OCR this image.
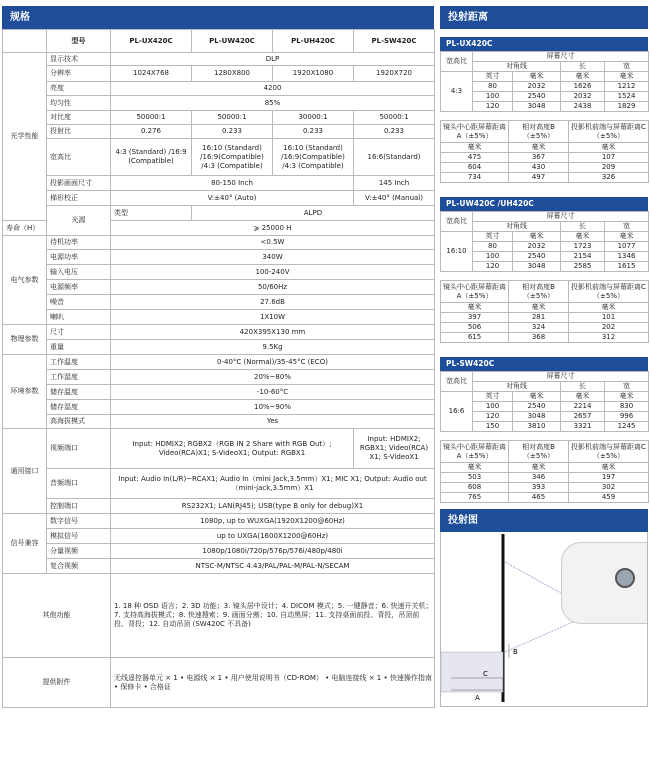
规格
	型号	PL-UX420C	PL-UW420C	PL-UH420C	PL-SW420C
光学性能	显示技术	DLP			
	分辨率	1024X768	1280X800	1920X1080	1920X720
	亮度	4200			
	均匀性	85%			
	对比度	50000:1	50000:1	30000:1	50000:1
	投射比	0.276	0.233	0.233	0.233
	宽高比	4:3 (Standard) /16:9 (Compatible)	16:10 (Standard) /16:9(Compatible) /4:3 (Compatible)	16:10 (Standard) /16:9(Compatible) /4:3 (Compatible)	16:6(Standard)
	投影画面尺寸	80-150 Inch			145 Inch
	梯形校正	V:±40° (Auto)			V:±40° (Manual)
	光源	类型	ALPD		
寿命（H）		⩾ 25000 H			
电气参数	待机功率	<0.5W			
	电源功率	340W			
	输入电压	100-240V			
	电源频率	50/60Hz			
	噪音	27.6dB			
	喇叭	1X10W			
物理参数	尺寸	420X395X130 mm			
	重量	9.5Kg			
环境参数	工作温度	0-40°C (Normal)/35-45°C (ECO)			
	工作湿度	20%~80%			
	储存温度	-10-60°C			
	储存湿度	10%~90%			
	高海拔模式	Yes			
通用接口	视频端口	Input: HDMIX2; RGBX2（RGB IN 2 Share with RGB Out）; Video(RCA)X1; S-VideoX1; Output: RGBX1			Input: HDMIX2; RGBX1; Video(RCA) X1; S-VideoX1
	音频端口	Input: Audio In(L/R)~RCAX1; Audio In（mini Jack,3.5mm）X1; MIC X1; Output: Audio out（mini-jack,3.5mm）X1			
	控制端口	RS232X1; LAN(RJ45); USB(type B only for debug)X1			
信号兼容	数字信号	1080p, up to WUXGA(1920X1200@60Hz)			
	模拟信号	up to UXGA(1600X1200@60Hz)			
	分量视频	1080p/1080i/720p/576p/576i/480p/480i			
	复合视频	NTSC-M/NTSC 4.43/PAL/PAL-M/PAL-N/SECAM			
其他功能		1. 18 种 OSD 语言；2. 3D 功能；3. 镜头居中设计；4. DICOM 模式；5. 一键静音；6. 快速开关机；7. 支持高海拔模式；8. 快速搜索；9. 画面分割；10. 自动黑屏；11. 支持桌面前投、背投，吊顶前投、背投；12. 自动吊顶 (SW420C 不具备)			
提供附件		无线遥控器单元 × 1 • 电源线 × 1 • 用户使用说明书（CD-ROM） • 电脑连接线 × 1 • 快速操作指南 • 保修卡 • 合格证			
投射距离
PL-UX420C
宽高比	屏幕尺寸			
	对角线		长	宽
4:3	英寸	毫米	毫米	毫米
	80	2032	1626	1212
	100	2540	2032	1524
	120	3048	2438	1829
镜头中心距屏幕距离A（±5%）	相对高度B（±5%）	投影机前端与屏幕距离C（±5%）
毫米	毫米	毫米
475	367	107
604	430	209
734	497	326
PL-UW420C /UH420C
宽高比	屏幕尺寸			
	对角线		长	宽
16:10	英寸	毫米	毫米	毫米
	80	2032	1723	1077
	100	2540	2154	1346
	120	3048	2585	1615
镜头中心距屏幕距离A（±5%）	相对高度B（±5%）	投影机前端与屏幕距离C（±5%）
毫米	毫米	毫米
397	281	101
506	324	202
615	368	312
PL-SW420C
宽高比	屏幕尺寸			
	对角线		长	宽
16:6	英寸	毫米	毫米	毫米
	100	2540	2214	830
	120	3048	2657	996
	150	3810	3321	1245
镜头中心距屏幕距离A（±5%）	相对高度B（±5%）	投影机前端与屏幕距离C（±5%）
毫米	毫米	毫米
503	346	197
608	393	302
765	465	459
投射图
A
B
C
